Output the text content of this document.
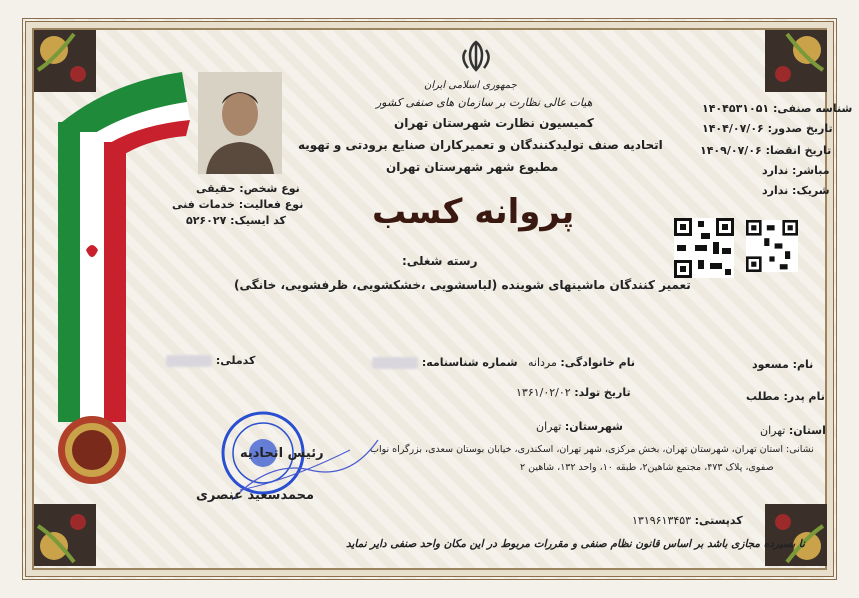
جمهوری اسلامی ایران
هیات عالی نظارت بر سازمان های صنفی کشور
کمیسیون نظارت شهرستان تهران
اتحادیه صنف تولیدکنندگان و تعمیرکاران صنایع برودتی و تهویه
مطبوع شهر شهرستان تهران
پروانه کسب
نوع شخص: حقیقی
نوع فعالیت: خدمات فنی
کد ایسیک: ۵۲۶۰۲۷
شناسه صنفی: ۱۴۰۴۵۳۱۰۵۱
تاریخ صدور: ۱۴۰۴/۰۷/۰۶
تاریخ انقضا: ۱۴۰۹/۰۷/۰۶
مباشر: ندارد
شریک: ندارد
رسته شغلی:
تعمیر کنندگان ماشینهای شوینده (لباسشویی ،خشکشویی، ظرفشویی، خانگی)
نام: مسعود
نام خانوادگی: مردانه
شماره شناسنامه:
کدملی:
نام پدر: مطلب
تاریخ تولد: ۱۳۶۱/۰۲/۰۲
استان: تهران
شهرستان: تهران
نشانی: استان تهران، شهرستان تهران، بخش مرکزی، شهر تهران، اسکندری، خیابان بوستان سعدی، بزرگراه نواب
صفوی، پلاک ۴۷۳، مجتمع شاهین۲، طبقه ۱۰، واحد ۱۳۲، شاهین ۲
کدپستی: ۱۳۱۹۶۱۳۴۵۳
رئیس اتحادیه
محمدسعید عنصری
نا بسیرده مجازی باشد بر اساس قانون نظام صنفی و مقررات مربوط در این مکان واحد صنفی دایر نماید
